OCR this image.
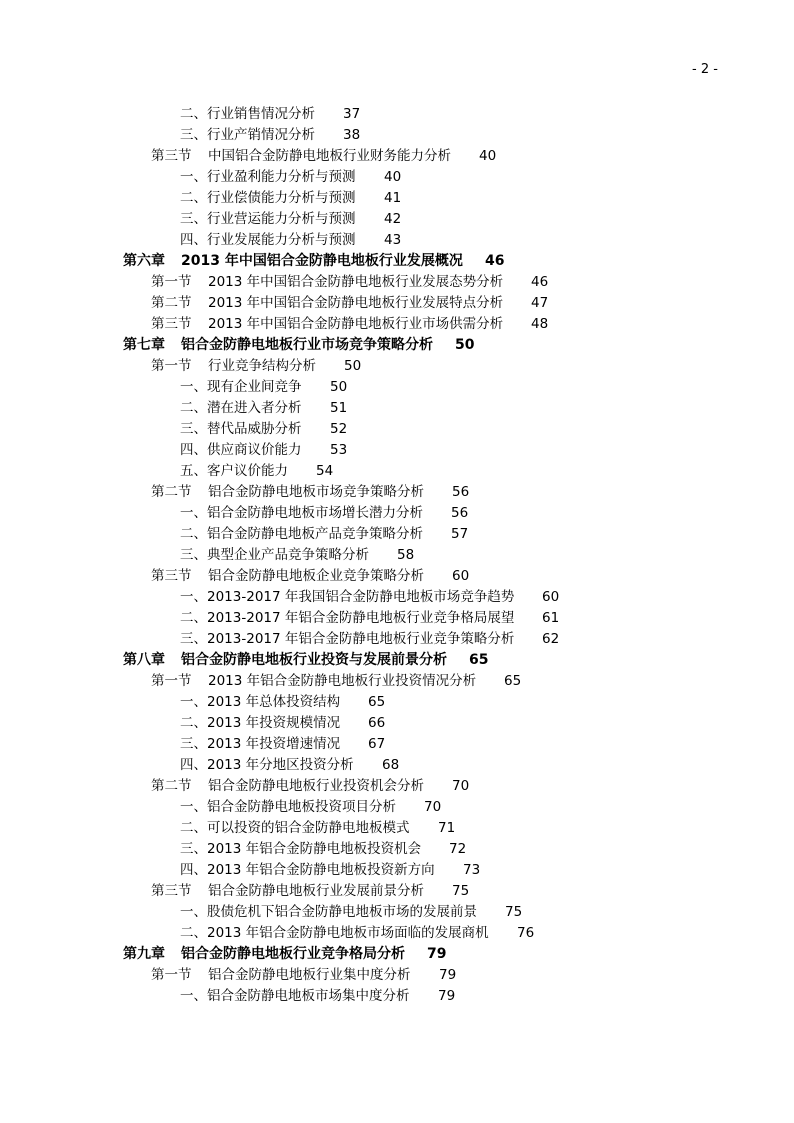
- 2 -
二、行业销售情况分析 37
三、行业产销情况分析 38
第三节	中国铝合金防静电地板行业财务能力分析 40
一、行业盈利能力分析与预测 40
二、行业偿债能力分析与预测 41
三、行业营运能力分析与预测 42
四、行业发展能力分析与预测 43
第六章	2013 年中国铝合金防静电地板行业发展概况 46
第一节	2013 年中国铝合金防静电地板行业发展态势分析 46
第二节	2013 年中国铝合金防静电地板行业发展特点分析 47
第三节	2013 年中国铝合金防静电地板行业市场供需分析 48
第七章	铝合金防静电地板行业市场竞争策略分析 50
第一节	行业竞争结构分析 50
一、现有企业间竞争 50
二、潜在进入者分析 51
三、替代品威胁分析 52
四、供应商议价能力 53
五、客户议价能力 54
第二节	铝合金防静电地板市场竞争策略分析 56
一、铝合金防静电地板市场增长潜力分析 56
二、铝合金防静电地板产品竞争策略分析 57
三、典型企业产品竞争策略分析 58
第三节	铝合金防静电地板企业竞争策略分析 60
一、2013-2017 年我国铝合金防静电地板市场竞争趋势 60
二、2013-2017 年铝合金防静电地板行业竞争格局展望 61
三、2013-2017 年铝合金防静电地板行业竞争策略分析 62
第八章	铝合金防静电地板行业投资与发展前景分析 65
第一节	2013 年铝合金防静电地板行业投资情况分析 65
一、2013 年总体投资结构 65
二、2013 年投资规模情况 66
三、2013 年投资增速情况 67
四、2013 年分地区投资分析 68
第二节	铝合金防静电地板行业投资机会分析 70
一、铝合金防静电地板投资项目分析 70
二、可以投资的铝合金防静电地板模式 71
三、2013 年铝合金防静电地板投资机会 72
四、2013 年铝合金防静电地板投资新方向 73
第三节	铝合金防静电地板行业发展前景分析 75
一、股债危机下铝合金防静电地板市场的发展前景 75
二、2013 年铝合金防静电地板市场面临的发展商机 76
第九章	铝合金防静电地板行业竞争格局分析 79
第一节	铝合金防静电地板行业集中度分析 79
一、铝合金防静电地板市场集中度分析 79
